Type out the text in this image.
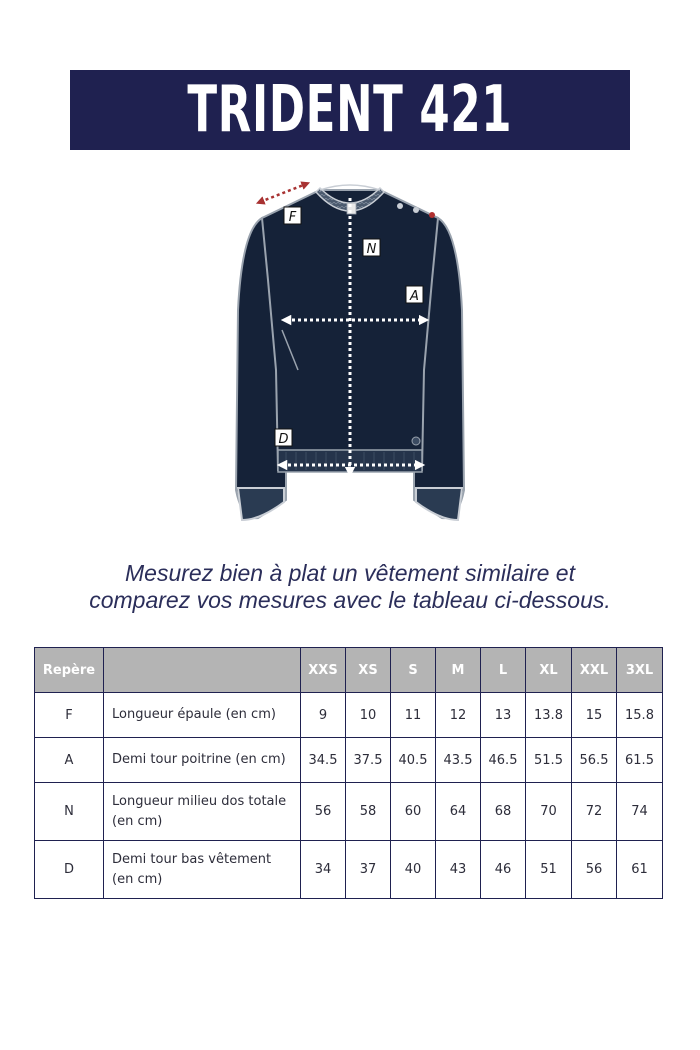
TRIDENT 421
F
N
A
D
Mesurez bien à plat un vêtement similaire et
comparez vos mesures avec le tableau ci-dessous.
Repère		XXS	XS	S	M	L	XL	XXL	3XL
F	Longueur épaule (en cm)	9	10	11	12	13	13.8	15	15.8
A	Demi tour poitrine (en cm)	34.5	37.5	40.5	43.5	46.5	51.5	56.5	61.5
N	Longueur milieu dos totale (en cm)	56	58	60	64	68	70	72	74
D	Demi tour bas vêtement (en cm)	34	37	40	43	46	51	56	61
